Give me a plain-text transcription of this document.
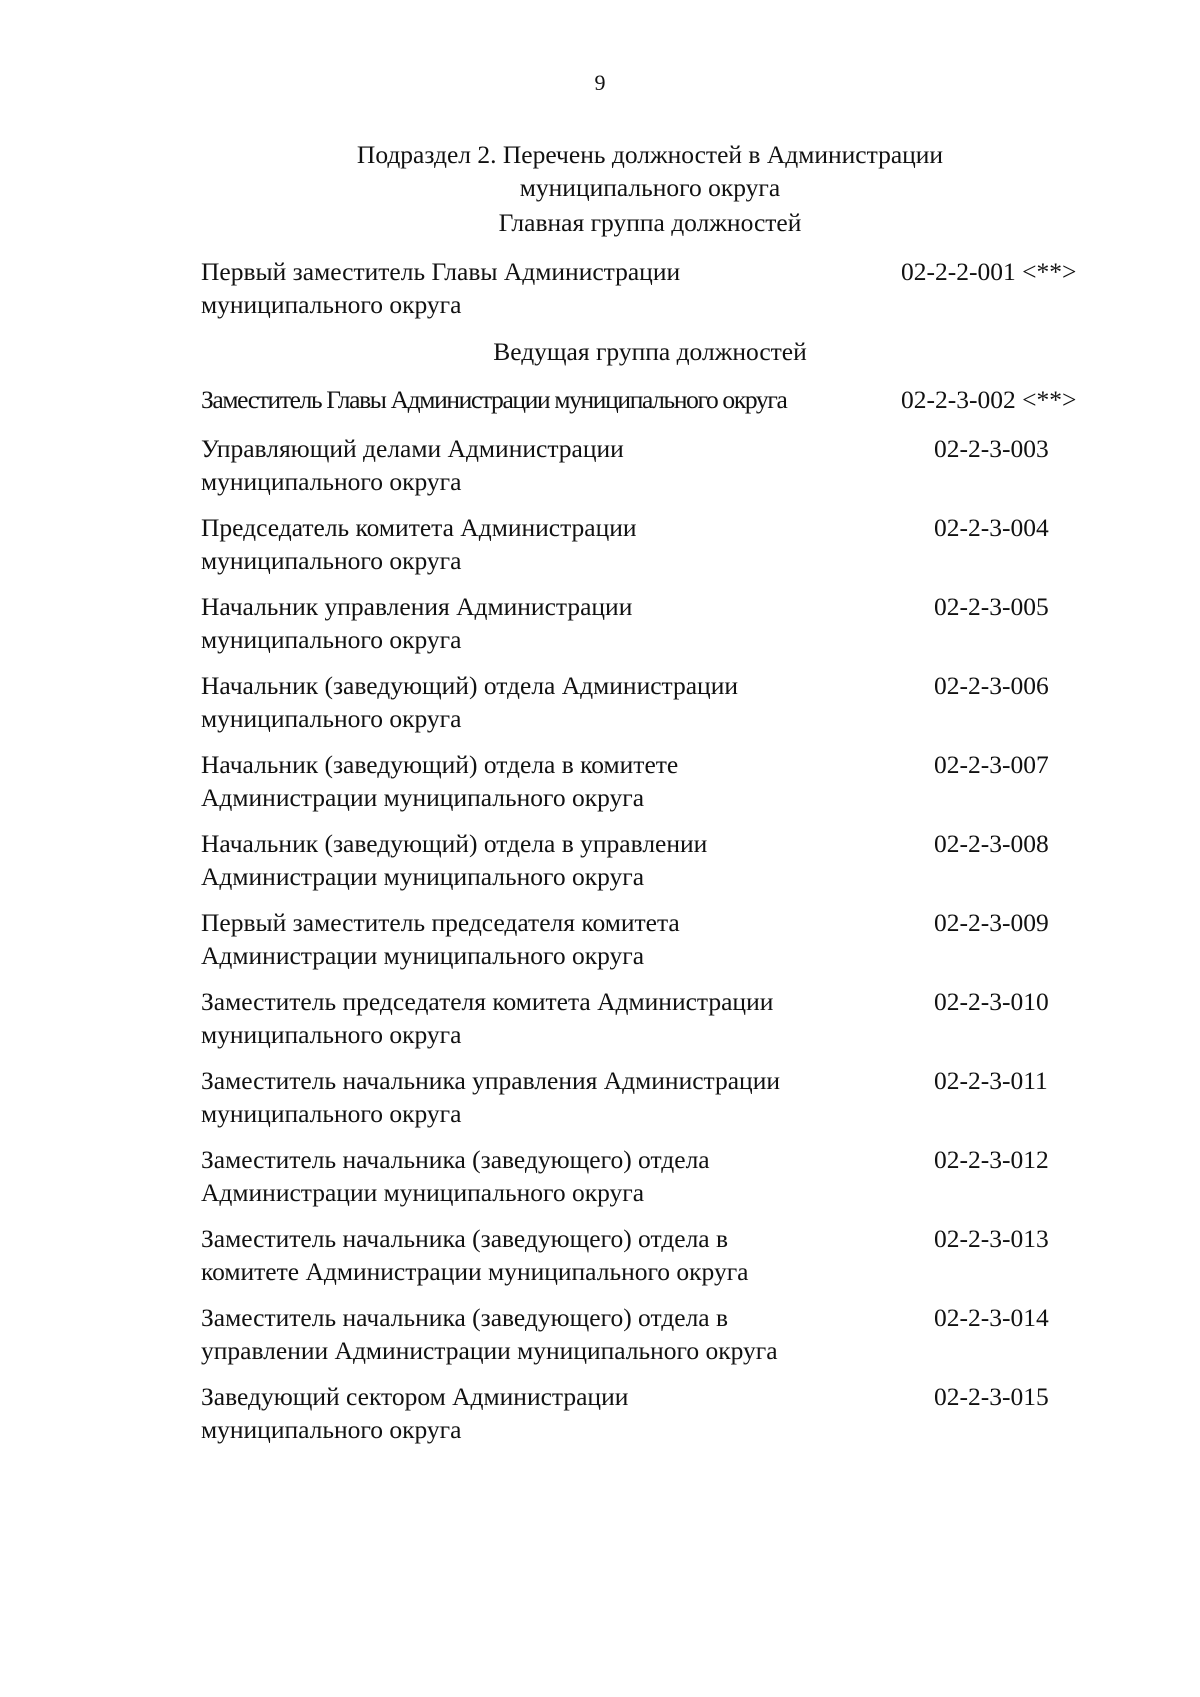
9
Подраздел 2. Перечень должностей в Администрации
муниципального округа
Главная группа должностей
Первый заместитель Главы Администрации
муниципального округа
02-2-2-001 <**>
Ведущая группа должностей
Заместитель Главы Администрации муниципального округа	02-2-3-002 <**>
Управляющий делами Администрации
муниципального округа
02-2-3-003
Председатель комитета Администрации
муниципального округа
02-2-3-004
Начальник управления Администрации
муниципального округа
02-2-3-005
Начальник (заведующий) отдела Администрации
муниципального округа
02-2-3-006
Начальник (заведующий) отдела в комитете
Администрации муниципального округа
02-2-3-007
Начальник (заведующий) отдела в управлении
Администрации муниципального округа
02-2-3-008
Первый заместитель председателя комитета
Администрации муниципального округа
02-2-3-009
Заместитель председателя комитета Администрации
муниципального округа
02-2-3-010
Заместитель начальника управления Администрации
муниципального округа
02-2-3-011
Заместитель начальника (заведующего) отдела
Администрации муниципального округа
02-2-3-012
Заместитель начальника (заведующего) отдела в
комитете Администрации муниципального округа
02-2-3-013
Заместитель начальника (заведующего) отдела в
управлении Администрации муниципального округа
02-2-3-014
Заведующий сектором Администрации
муниципального округа
02-2-3-015
